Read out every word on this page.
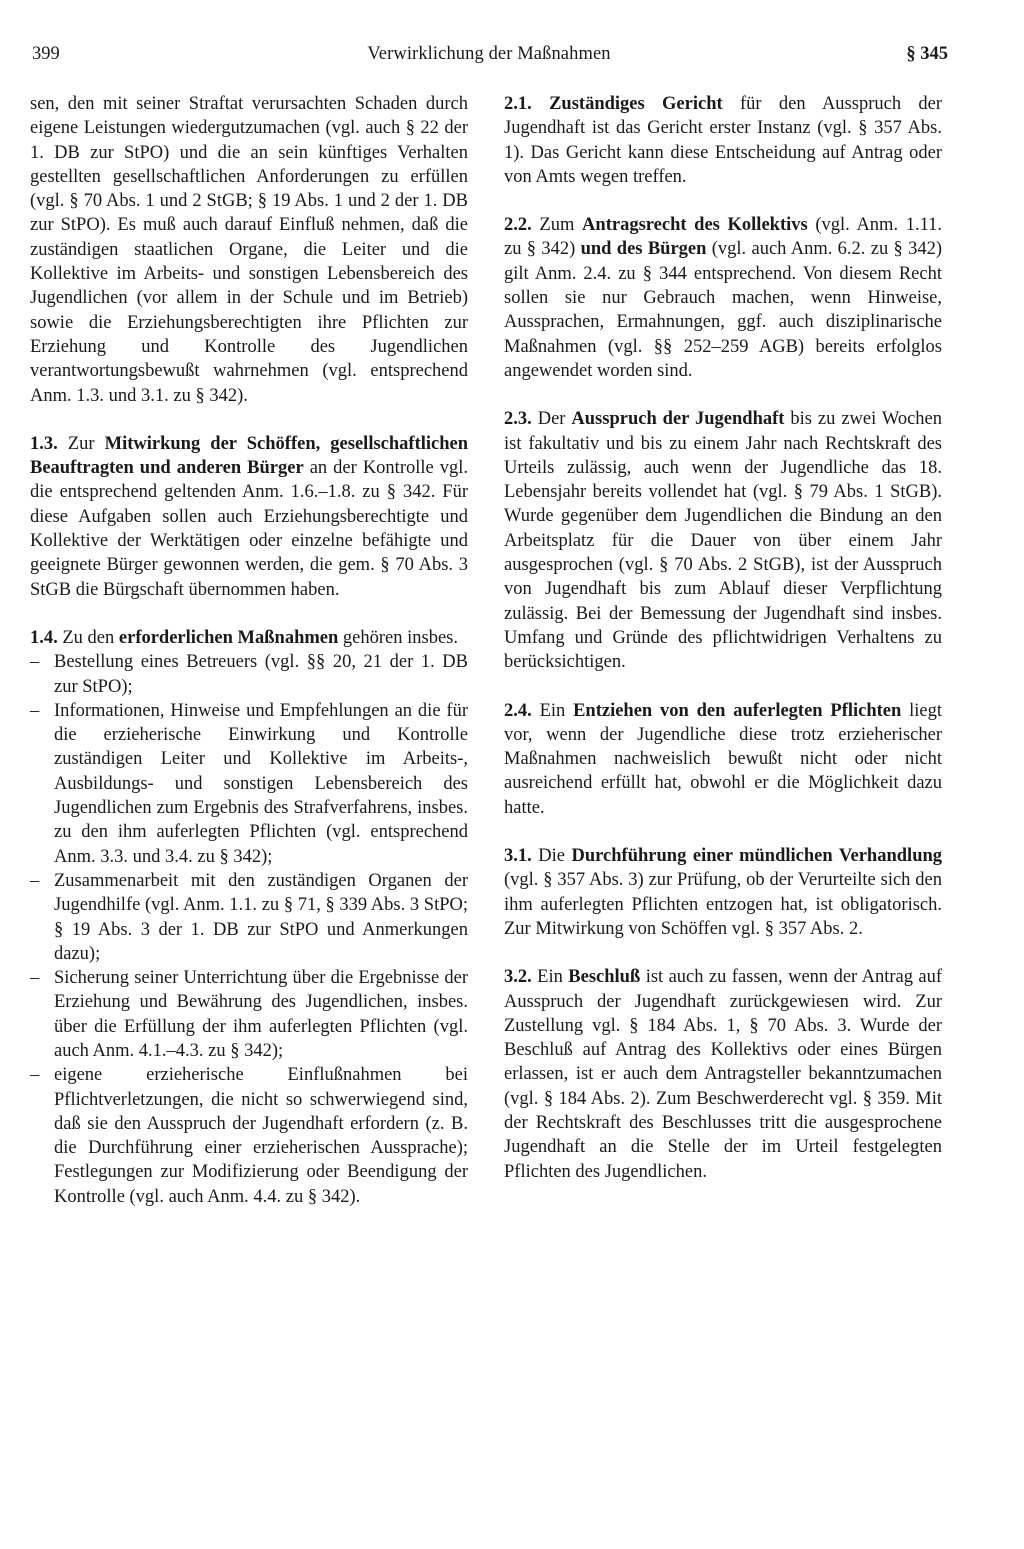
399	Verwirklichung der Maßnahmen	§ 345

sen, den mit seiner Straftat verursachten Schaden durch eigene Leistungen wiedergutzumachen (vgl. auch § 22 der 1. DB zur StPO) und die an sein künftiges Verhalten gestellten gesellschaftlichen Anforderungen zu erfüllen (vgl. § 70 Abs. 1 und 2 StGB; § 19 Abs. 1 und 2 der 1. DB zur StPO). Es muß auch darauf Einfluß nehmen, daß die zuständigen staatlichen Organe, die Leiter und die Kollektive im Arbeits- und sonstigen Lebensbereich des Jugendlichen (vor allem in der Schule und im Betrieb) sowie die Erziehungsberechtigten ihre Pflichten zur Erziehung und Kontrolle des Jugendlichen verantwortungsbewußt wahrnehmen (vgl. entsprechend Anm. 1.3. und 3.1. zu § 342).

1.3. Zur Mitwirkung der Schöffen, gesellschaftlichen Beauftragten und anderen Bürger an der Kontrolle vgl. die entsprechend geltenden Anm. 1.6.–1.8. zu § 342. Für diese Aufgaben sollen auch Erziehungsberechtigte und Kollektive der Werktätigen oder einzelne befähigte und geeignete Bürger gewonnen werden, die gem. § 70 Abs. 3 StGB die Bürgschaft übernommen haben.

1.4. Zu den erforderlichen Maßnahmen gehören insbes.

– Bestellung eines Betreuers (vgl. §§ 20, 21 der 1. DB zur StPO);
– Informationen, Hinweise und Empfehlungen an die für die erzieherische Einwirkung und Kontrolle zuständigen Leiter und Kollektive im Arbeits-, Ausbildungs- und sonstigen Lebensbereich des Jugendlichen zum Ergebnis des Strafverfahrens, insbes. zu den ihm auferlegten Pflichten (vgl. entsprechend Anm. 3.3. und 3.4. zu § 342);
– Zusammenarbeit mit den zuständigen Organen der Jugendhilfe (vgl. Anm. 1.1. zu § 71, § 339 Abs. 3 StPO; § 19 Abs. 3 der 1. DB zur StPO und Anmerkungen dazu);
– Sicherung seiner Unterrichtung über die Ergebnisse der Erziehung und Bewährung des Jugendlichen, insbes. über die Erfüllung der ihm auferlegten Pflichten (vgl. auch Anm. 4.1.–4.3. zu § 342);
– eigene erzieherische Einflußnahmen bei Pflichtverletzungen, die nicht so schwerwiegend sind, daß sie den Ausspruch der Jugendhaft erfordern (z. B. die Durchführung einer erzieherischen Aussprache); Festlegungen zur Modifizierung oder Beendigung der Kontrolle (vgl. auch Anm. 4.4. zu § 342).

2.1. Zuständiges Gericht für den Ausspruch der Jugendhaft ist das Gericht erster Instanz (vgl. § 357 Abs. 1). Das Gericht kann diese Entscheidung auf Antrag oder von Amts wegen treffen.

2.2. Zum Antragsrecht des Kollektivs (vgl. Anm. 1.11. zu § 342) und des Bürgen (vgl. auch Anm. 6.2. zu § 342) gilt Anm. 2.4. zu § 344 entsprechend. Von diesem Recht sollen sie nur Gebrauch machen, wenn Hinweise, Aussprachen, Ermahnungen, ggf. auch disziplinarische Maßnahmen (vgl. §§ 252–259 AGB) bereits erfolglos angewendet worden sind.

2.3. Der Ausspruch der Jugendhaft bis zu zwei Wochen ist fakultativ und bis zu einem Jahr nach Rechtskraft des Urteils zulässig, auch wenn der Jugendliche das 18. Lebensjahr bereits vollendet hat (vgl. § 79 Abs. 1 StGB). Wurde gegenüber dem Jugendlichen die Bindung an den Arbeitsplatz für die Dauer von über einem Jahr ausgesprochen (vgl. § 70 Abs. 2 StGB), ist der Ausspruch von Jugendhaft bis zum Ablauf dieser Verpflichtung zulässig. Bei der Bemessung der Jugendhaft sind insbes. Umfang und Gründe des pflichtwidrigen Verhaltens zu berücksichtigen.

2.4. Ein Entziehen von den auferlegten Pflichten liegt vor, wenn der Jugendliche diese trotz erzieherischer Maßnahmen nachweislich bewußt nicht oder nicht ausreichend erfüllt hat, obwohl er die Möglichkeit dazu hatte.

3.1. Die Durchführung einer mündlichen Verhandlung (vgl. § 357 Abs. 3) zur Prüfung, ob der Verurteilte sich den ihm auferlegten Pflichten entzogen hat, ist obligatorisch. Zur Mitwirkung von Schöffen vgl. § 357 Abs. 2.

3.2. Ein Beschluß ist auch zu fassen, wenn der Antrag auf Ausspruch der Jugendhaft zurückgewiesen wird. Zur Zustellung vgl. § 184 Abs. 1, § 70 Abs. 3. Wurde der Beschluß auf Antrag des Kollektivs oder eines Bürgen erlassen, ist er auch dem Antragsteller bekanntzumachen (vgl. § 184 Abs. 2). Zum Beschwerderecht vgl. § 359. Mit der Rechtskraft des Beschlusses tritt die ausgesprochene Jugendhaft an die Stelle der im Urteil festgelegten Pflichten des Jugendlichen.
